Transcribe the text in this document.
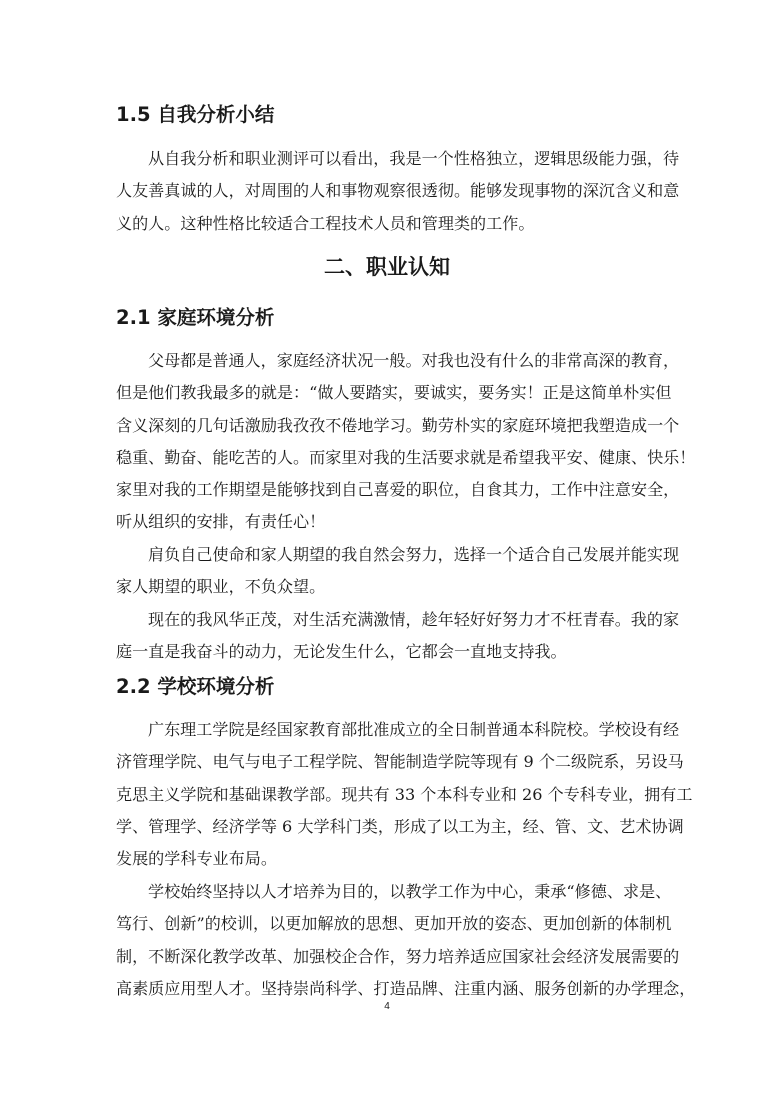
1.5 自我分析小结
从自我分析和职业测评可以看出，我是一个性格独立，逻辑思级能力强，待
人友善真诚的人，对周围的人和事物观察很透彻。能够发现事物的深沉含义和意
义的人。这种性格比较适合工程技术人员和管理类的工作。
二、职业认知
2.1 家庭环境分析
父母都是普通人，家庭经济状况一般。对我也没有什么的非常高深的教育，
但是他们教我最多的就是：“做人要踏实，要诚实，要务实！正是这简单朴实但
含义深刻的几句话激励我孜孜不倦地学习。勤劳朴实的家庭环境把我塑造成一个
稳重、勤奋、能吃苦的人。而家里对我的生活要求就是希望我平安、健康、快乐！
家里对我的工作期望是能够找到自己喜爱的职位，自食其力，工作中注意安全，
听从组织的安排，有责任心！
肩负自己使命和家人期望的我自然会努力，选择一个适合自己发展并能实现
家人期望的职业，不负众望。
现在的我风华正茂，对生活充满激情，趁年轻好好努力才不枉青春。我的家
庭一直是我奋斗的动力，无论发生什么，它都会一直地支持我。
2.2 学校环境分析
广东理工学院是经国家教育部批准成立的全日制普通本科院校。学校设有经
济管理学院、电气与电子工程学院、智能制造学院等现有 9 个二级院系，另设马
克思主义学院和基础课教学部。现共有 33 个本科专业和 26 个专科专业，拥有工
学、管理学、经济学等 6 大学科门类，形成了以工为主，经、管、文、艺术协调
发展的学科专业布局。
学校始终坚持以人才培养为目的，以教学工作为中心，秉承“修德、求是、
笃行、创新”的校训，以更加解放的思想、更加开放的姿态、更加创新的体制机
制，不断深化教学改革、加强校企合作，努力培养适应国家社会经济发展需要的
高素质应用型人才。坚持崇尚科学、打造品牌、注重内涵、服务创新的办学理念，
4
